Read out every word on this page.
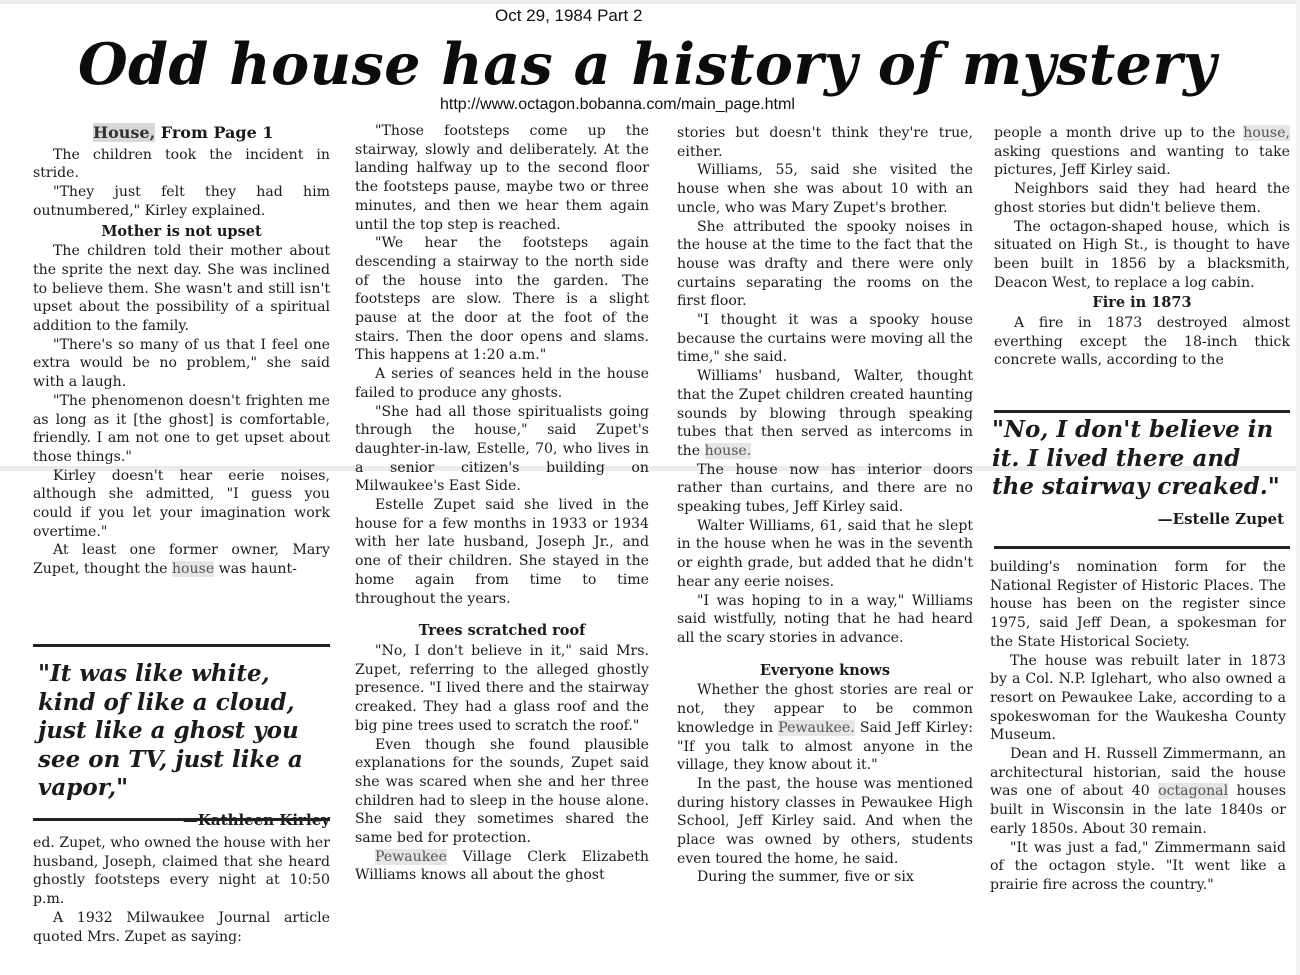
Oct 29, 1984 Part 2
Odd house has a history of mystery
http://www.octagon.bobanna.com/main_page.html
House, From Page 1

The children took the incident in stride.

"They just felt they had him outnumbered," Kirley explained.

Mother is not upset

The children told their mother about the sprite the next day. She was inclined to believe them. She wasn't and still isn't upset about the possibility of a spiritual addition to the family.

"There's so many of us that I feel one extra would be no problem," she said with a laugh.

"The phenomenon doesn't frighten me as long as it [the ghost] is comfortable, friendly. I am not one to get upset about those things."

Kirley doesn't hear eerie noises, although she admitted, "I guess you could if you let your imagination work overtime."

At least one former owner, Mary Zupet, thought the house was haunt-

"It was like white, kind of like a cloud, just like a ghost you see on TV, just like a vapor,"

ed. Zupet, who owned the house with her husband, Joseph, claimed that she heard ghostly footsteps every night at 10:50 p.m.

A 1932 Milwaukee Journal article quoted Mrs. Zupet as saying:

"Those footsteps come up the stairway, slowly and deliberately. At the landing halfway up to the second floor the footsteps pause, maybe two or three minutes, and then we hear them again until the top step is reached.

"We hear the footsteps again descending a stairway to the north side of the house into the garden. The footsteps are slow. There is a slight pause at the door at the foot of the stairs. Then the door opens and slams. This happens at 1:20 a.m."

A series of seances held in the house failed to produce any ghosts.

"She had all those spiritualists going through the house," said Zupet's daughter-in-law, Estelle, 70, who lives in a senior citizen's building on Milwaukee's East Side.

Estelle Zupet said she lived in the house for a few months in 1933 or 1934 with her late husband, Joseph Jr., and one of their children. She stayed in the home again from time to time throughout the years.

Trees scratched roof

"No, I don't believe in it," said Mrs. Zupet, referring to the alleged ghostly presence. "I lived there and the stairway creaked. They had a glass roof and the big pine trees used to scratch the roof."

Even though she found plausible explanations for the sounds, Zupet said she was scared when she and her three children had to sleep in the house alone. She said they sometimes shared the same bed for protection.

Pewaukee Village Clerk Elizabeth Williams knows all about the ghost

stories but doesn't think they're true, either.

Williams, 55, said she visited the house when she was about 10 with an uncle, who was Mary Zupet's brother.

She attributed the spooky noises in the house at the time to the fact that the house was drafty and there were only curtains separating the rooms on the first floor.

"I thought it was a spooky house because the curtains were moving all the time," she said.

Williams' husband, Walter, thought that the Zupet children created haunting sounds by blowing through speaking tubes that then served as intercoms in the house.

The house now has interior doors rather than curtains, and there are no speaking tubes, Jeff Kirley said.

Walter Williams, 61, said that he slept in the house when he was in the seventh or eighth grade, but added that he didn't hear any eerie noises.

"I was hoping to in a way," Williams said wistfully, noting that he had heard all the scary stories in advance.

Everyone knows

Whether the ghost stories are real or not, they appear to be common knowledge in Pewaukee. Said Jeff Kirley: "If you talk to almost anyone in the village, they know about it."

In the past, the house was mentioned during history classes in Pewaukee High School, Jeff Kirley said. And when the place was owned by others, students even toured the home, he said.

During the summer, five or six

people a month drive up to the house, asking questions and wanting to take pictures, Jeff Kirley said.

Neighbors said they had heard the ghost stories but didn't believe them.

The octagon-shaped house, which is situated on High St., is thought to have been built in 1856 by a blacksmith, Deacon West, to replace a log cabin.

Fire in 1873

A fire in 1873 destroyed almost everthing except the 18-inch thick concrete walls, according to the

"No, I don't believe in it. I lived there and the stairway creaked."
—Estelle Zupet

building's nomination form for the National Register of Historic Places. The house has been on the register since 1975, said Jeff Dean, a spokesman for the State Historical Society.

The house was rebuilt later in 1873 by a Col. N.P. Iglehart, who also owned a resort on Pewaukee Lake, according to a spokeswoman for the Waukesha County Museum.

Dean and H. Russell Zimmermann, an architectural historian, said the house was one of about 40 octagonal houses built in Wisconsin in the late 1840s or early 1850s. About 30 remain.

"It was just a fad," Zimmermann said of the octagon style. "It went like a prairie fire across the country."
